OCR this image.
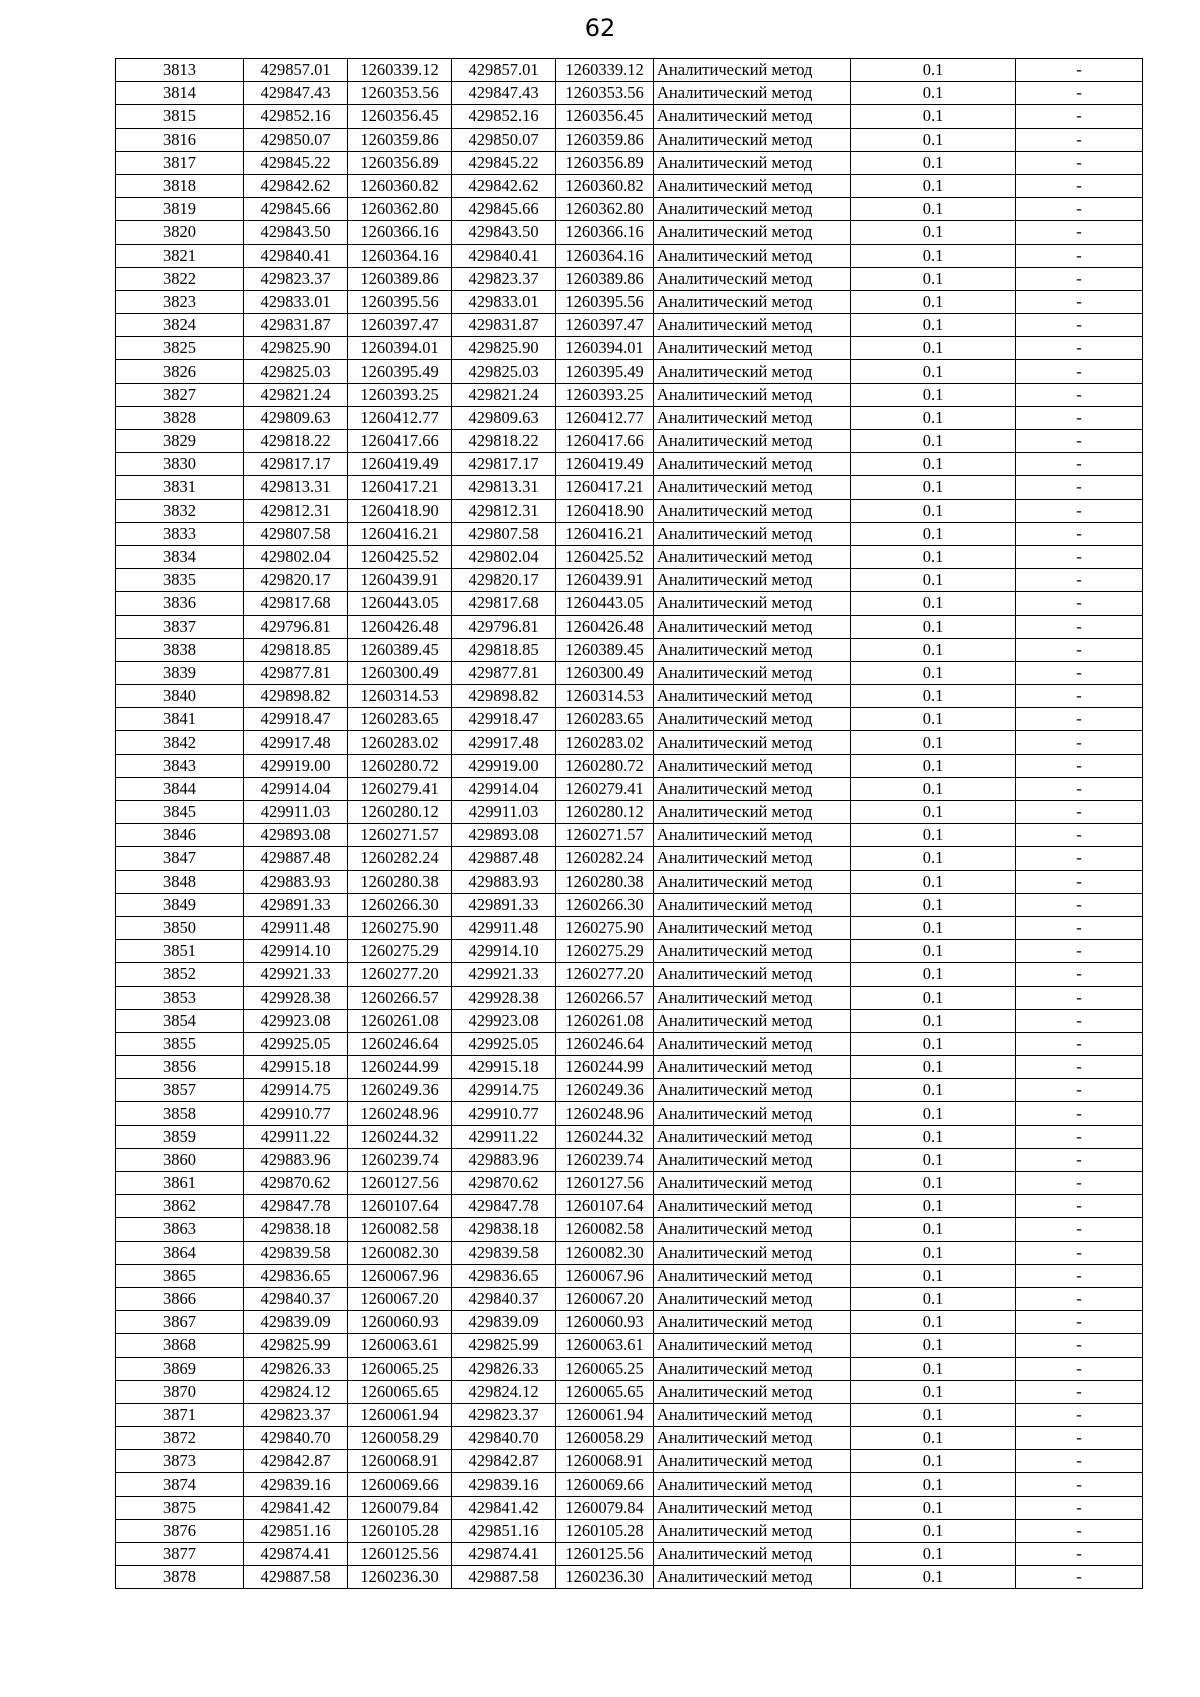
62
3813	429857.01	1260339.12	429857.01	1260339.12	Аналитический метод	0.1	-
3814	429847.43	1260353.56	429847.43	1260353.56	Аналитический метод	0.1	-
3815	429852.16	1260356.45	429852.16	1260356.45	Аналитический метод	0.1	-
3816	429850.07	1260359.86	429850.07	1260359.86	Аналитический метод	0.1	-
3817	429845.22	1260356.89	429845.22	1260356.89	Аналитический метод	0.1	-
3818	429842.62	1260360.82	429842.62	1260360.82	Аналитический метод	0.1	-
3819	429845.66	1260362.80	429845.66	1260362.80	Аналитический метод	0.1	-
3820	429843.50	1260366.16	429843.50	1260366.16	Аналитический метод	0.1	-
3821	429840.41	1260364.16	429840.41	1260364.16	Аналитический метод	0.1	-
3822	429823.37	1260389.86	429823.37	1260389.86	Аналитический метод	0.1	-
3823	429833.01	1260395.56	429833.01	1260395.56	Аналитический метод	0.1	-
3824	429831.87	1260397.47	429831.87	1260397.47	Аналитический метод	0.1	-
3825	429825.90	1260394.01	429825.90	1260394.01	Аналитический метод	0.1	-
3826	429825.03	1260395.49	429825.03	1260395.49	Аналитический метод	0.1	-
3827	429821.24	1260393.25	429821.24	1260393.25	Аналитический метод	0.1	-
3828	429809.63	1260412.77	429809.63	1260412.77	Аналитический метод	0.1	-
3829	429818.22	1260417.66	429818.22	1260417.66	Аналитический метод	0.1	-
3830	429817.17	1260419.49	429817.17	1260419.49	Аналитический метод	0.1	-
3831	429813.31	1260417.21	429813.31	1260417.21	Аналитический метод	0.1	-
3832	429812.31	1260418.90	429812.31	1260418.90	Аналитический метод	0.1	-
3833	429807.58	1260416.21	429807.58	1260416.21	Аналитический метод	0.1	-
3834	429802.04	1260425.52	429802.04	1260425.52	Аналитический метод	0.1	-
3835	429820.17	1260439.91	429820.17	1260439.91	Аналитический метод	0.1	-
3836	429817.68	1260443.05	429817.68	1260443.05	Аналитический метод	0.1	-
3837	429796.81	1260426.48	429796.81	1260426.48	Аналитический метод	0.1	-
3838	429818.85	1260389.45	429818.85	1260389.45	Аналитический метод	0.1	-
3839	429877.81	1260300.49	429877.81	1260300.49	Аналитический метод	0.1	-
3840	429898.82	1260314.53	429898.82	1260314.53	Аналитический метод	0.1	-
3841	429918.47	1260283.65	429918.47	1260283.65	Аналитический метод	0.1	-
3842	429917.48	1260283.02	429917.48	1260283.02	Аналитический метод	0.1	-
3843	429919.00	1260280.72	429919.00	1260280.72	Аналитический метод	0.1	-
3844	429914.04	1260279.41	429914.04	1260279.41	Аналитический метод	0.1	-
3845	429911.03	1260280.12	429911.03	1260280.12	Аналитический метод	0.1	-
3846	429893.08	1260271.57	429893.08	1260271.57	Аналитический метод	0.1	-
3847	429887.48	1260282.24	429887.48	1260282.24	Аналитический метод	0.1	-
3848	429883.93	1260280.38	429883.93	1260280.38	Аналитический метод	0.1	-
3849	429891.33	1260266.30	429891.33	1260266.30	Аналитический метод	0.1	-
3850	429911.48	1260275.90	429911.48	1260275.90	Аналитический метод	0.1	-
3851	429914.10	1260275.29	429914.10	1260275.29	Аналитический метод	0.1	-
3852	429921.33	1260277.20	429921.33	1260277.20	Аналитический метод	0.1	-
3853	429928.38	1260266.57	429928.38	1260266.57	Аналитический метод	0.1	-
3854	429923.08	1260261.08	429923.08	1260261.08	Аналитический метод	0.1	-
3855	429925.05	1260246.64	429925.05	1260246.64	Аналитический метод	0.1	-
3856	429915.18	1260244.99	429915.18	1260244.99	Аналитический метод	0.1	-
3857	429914.75	1260249.36	429914.75	1260249.36	Аналитический метод	0.1	-
3858	429910.77	1260248.96	429910.77	1260248.96	Аналитический метод	0.1	-
3859	429911.22	1260244.32	429911.22	1260244.32	Аналитический метод	0.1	-
3860	429883.96	1260239.74	429883.96	1260239.74	Аналитический метод	0.1	-
3861	429870.62	1260127.56	429870.62	1260127.56	Аналитический метод	0.1	-
3862	429847.78	1260107.64	429847.78	1260107.64	Аналитический метод	0.1	-
3863	429838.18	1260082.58	429838.18	1260082.58	Аналитический метод	0.1	-
3864	429839.58	1260082.30	429839.58	1260082.30	Аналитический метод	0.1	-
3865	429836.65	1260067.96	429836.65	1260067.96	Аналитический метод	0.1	-
3866	429840.37	1260067.20	429840.37	1260067.20	Аналитический метод	0.1	-
3867	429839.09	1260060.93	429839.09	1260060.93	Аналитический метод	0.1	-
3868	429825.99	1260063.61	429825.99	1260063.61	Аналитический метод	0.1	-
3869	429826.33	1260065.25	429826.33	1260065.25	Аналитический метод	0.1	-
3870	429824.12	1260065.65	429824.12	1260065.65	Аналитический метод	0.1	-
3871	429823.37	1260061.94	429823.37	1260061.94	Аналитический метод	0.1	-
3872	429840.70	1260058.29	429840.70	1260058.29	Аналитический метод	0.1	-
3873	429842.87	1260068.91	429842.87	1260068.91	Аналитический метод	0.1	-
3874	429839.16	1260069.66	429839.16	1260069.66	Аналитический метод	0.1	-
3875	429841.42	1260079.84	429841.42	1260079.84	Аналитический метод	0.1	-
3876	429851.16	1260105.28	429851.16	1260105.28	Аналитический метод	0.1	-
3877	429874.41	1260125.56	429874.41	1260125.56	Аналитический метод	0.1	-
3878	429887.58	1260236.30	429887.58	1260236.30	Аналитический метод	0.1	-
